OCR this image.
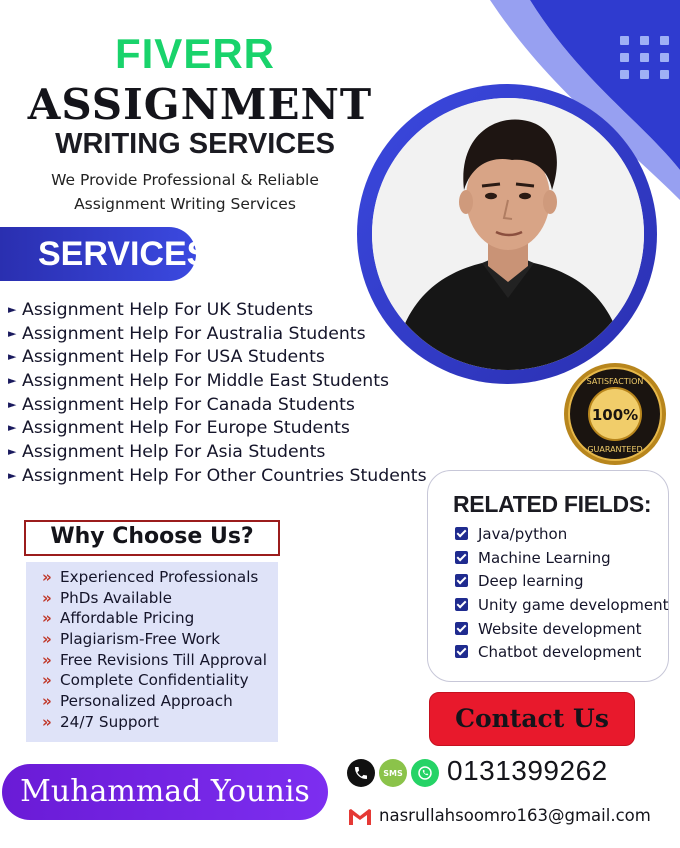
FIVERR
ASSIGNMENT
WRITING SERVICES
We Provide Professional & Reliable
Assignment Writing Services
SERVICES:
► Assignment Help For UK Students
► Assignment Help For Australia Students
► Assignment Help For USA Students
► Assignment Help For Middle East Students
► Assignment Help For Canada Students
► Assignment Help For Europe Students
► Assignment Help For Asia Students
► Assignment Help For Other Countries Students
100%
SATISFACTION
GUARANTEED
Why Choose Us?
» Experienced Professionals
» PhDs Available
» Affordable Pricing
» Plagiarism-Free Work
» Free Revisions Till Approval
» Complete Confidentiality
» Personalized Approach
» 24/7 Support
RELATED FIELDS:
Java/python
Machine Learning
Deep learning
Unity game development
Website development
Chatbot development
Contact Us
Muhammad Younis
SMS 0131399262
nasrullahsoomro163@gmail.com
